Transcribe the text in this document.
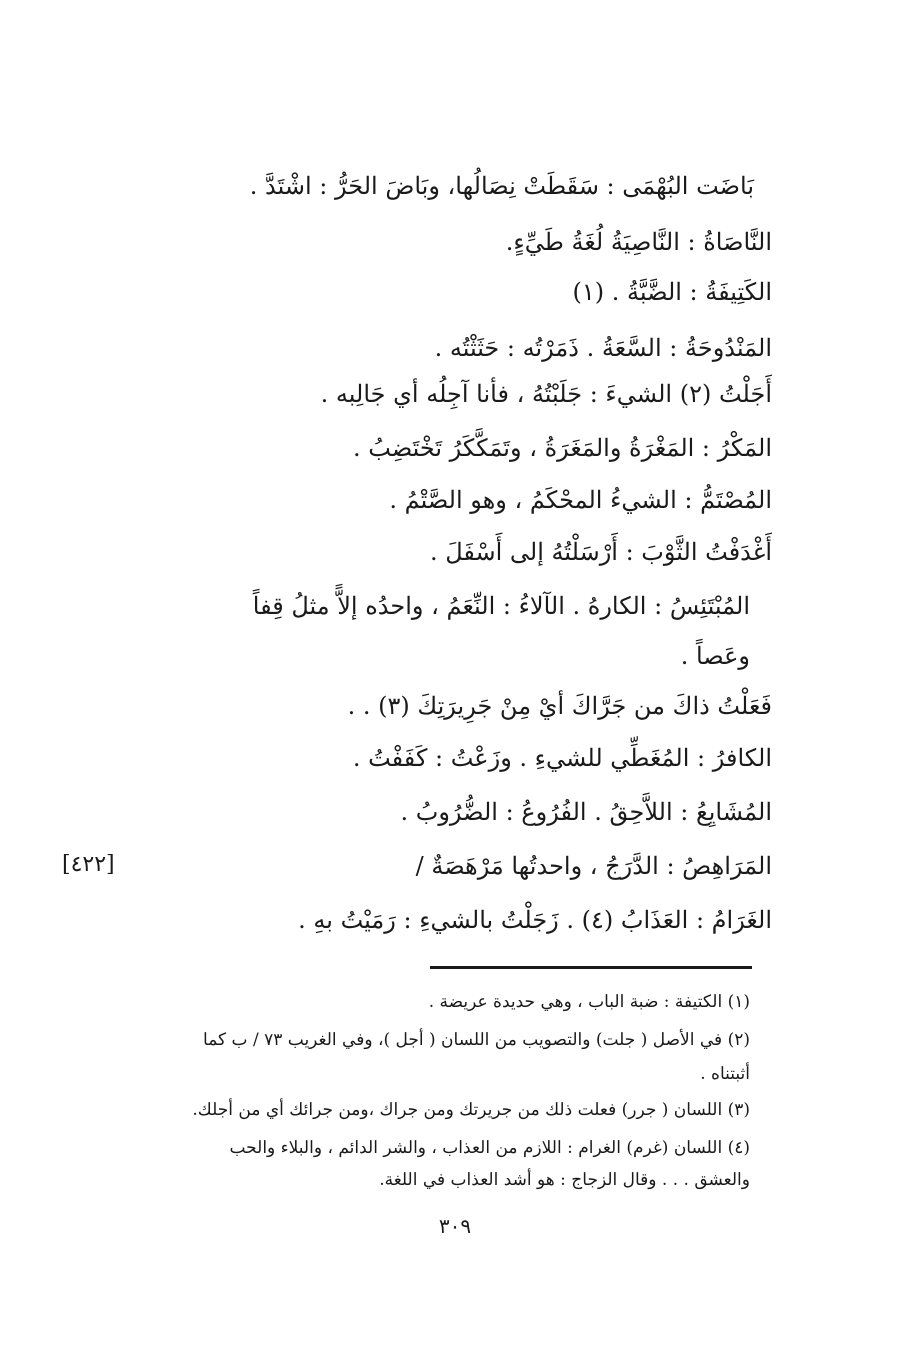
بَاضَت البُهْمَى : سَقَطَتْ نِصَالُها، وبَاضَ الحَرُّ : اشْتَدَّ .
النَّاصَاةُ : النَّاصِيَةُ لُغَةُ طَيِّءٍ.
الكَتِيفَةُ : الضَّبَّةُ . (١)
المَنْدُوحَةُ : السَّعَةُ . ذَمَرْتُه : حَثَثْتُه .
أَجَلْتُ (٢) الشيءَ : جَلَبْتُهُ ، فأنا آجِلُه أي جَالِبه .
المَكْرُ : المَغْرَةُ والمَغَرَةُ ، وتَمَكَّكَرُ تَخْتَضِبُ .
المُصْتَمُّ : الشيءُ المحْكَمُ ، وهو الصَّتْمُ .
أَغْدَفْتُ الثَّوْبَ : أَرْسَلْتُهُ إلى أَسْفَلَ .
المُبْتَئِسُ : الكارهُ . الآلاءُ : النِّعَمُ ، واحدُه إلاًّ مثلُ قِفاً
وعَصاً .
فَعَلْتُ ذاكَ من جَرَّاكَ أيْ مِنْ جَرِيرَتِكَ (٣) . .
الكافرُ : المُغَطِّي للشيءِ . وزَعْتُ : كَفَفْتُ .
المُشَايِعُ : اللاَّحِقُ . الفُرُوعُ : الضُّرُوبُ .
المَرَاهِصُ : الدَّرَجُ ، واحدتُها مَرْهَصَةٌ /
الغَرَامُ : العَذَابُ (٤) . زَجَلْتُ بالشيءِ : رَمَيْتُ بهِ .
[٤٢٢]
(١) الكتيفة : ضبة الباب ، وهي حديدة عريضة .
(٢) في الأصل ( جلت) والتصويب من اللسان ( أجل )، وفي الغريب ٧٣ / ب كما
أثبتناه .
(٣) اللسان ( جرر) فعلت ذلك من جريرتك ومن جراك ،ومن جرائك أي من أجلك.
(٤) اللسان (غرم) الغرام : اللازم من العذاب ، والشر الدائم ، والبلاء والحب
والعشق . . . وقال الزجاج : هو أشد العذاب في اللغة.
٣٠٩
